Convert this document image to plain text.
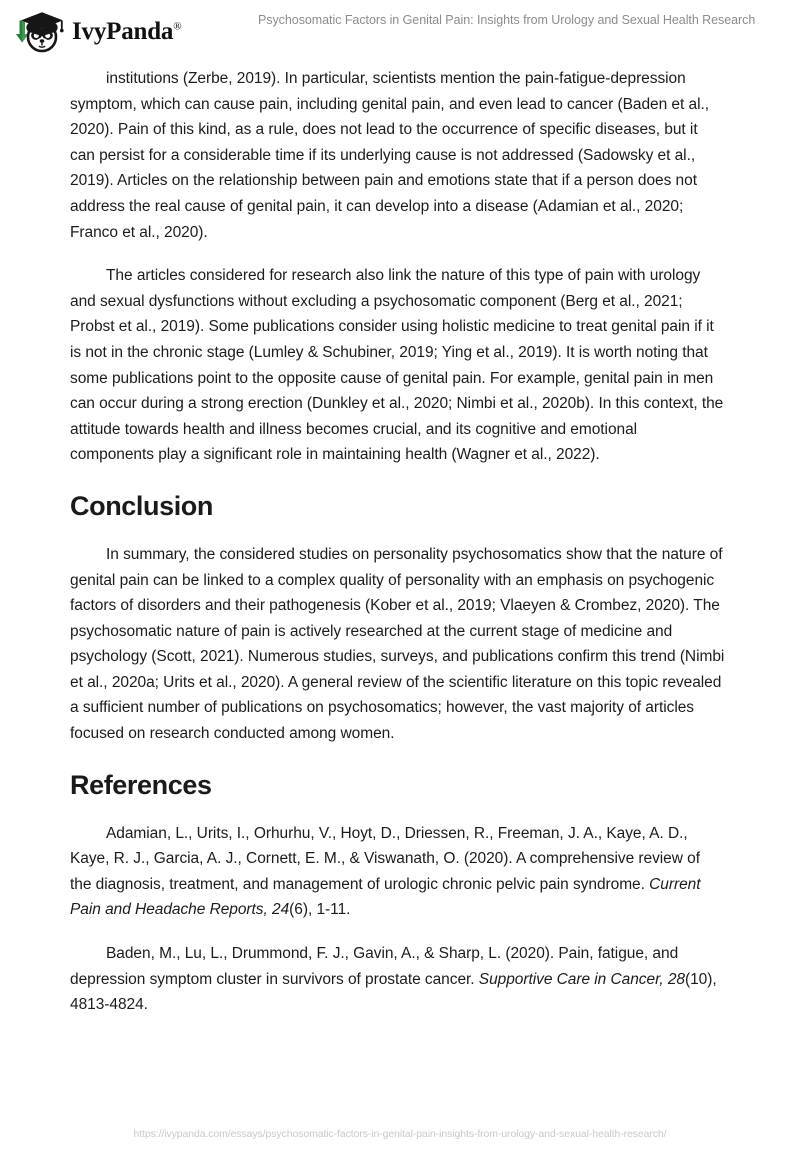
IvyPanda®	Psychosomatic Factors in Genital Pain: Insights from Urology and Sexual Health Research

institutions (Zerbe, 2019). In particular, scientists mention the pain-fatigue-depression symptom, which can cause pain, including genital pain, and even lead to cancer (Baden et al., 2020). Pain of this kind, as a rule, does not lead to the occurrence of specific diseases, but it can persist for a considerable time if its underlying cause is not addressed (Sadowsky et al., 2019). Articles on the relationship between pain and emotions state that if a person does not address the real cause of genital pain, it can develop into a disease (Adamian et al., 2020; Franco et al., 2020).

The articles considered for research also link the nature of this type of pain with urology and sexual dysfunctions without excluding a psychosomatic component (Berg et al., 2021; Probst et al., 2019). Some publications consider using holistic medicine to treat genital pain if it is not in the chronic stage (Lumley & Schubiner, 2019; Ying et al., 2019). It is worth noting that some publications point to the opposite cause of genital pain. For example, genital pain in men can occur during a strong erection (Dunkley et al., 2020; Nimbi et al., 2020b). In this context, the attitude towards health and illness becomes crucial, and its cognitive and emotional components play a significant role in maintaining health (Wagner et al., 2022).

Conclusion

In summary, the considered studies on personality psychosomatics show that the nature of genital pain can be linked to a complex quality of personality with an emphasis on psychogenic factors of disorders and their pathogenesis (Kober et al., 2019; Vlaeyen & Crombez, 2020). The psychosomatic nature of pain is actively researched at the current stage of medicine and psychology (Scott, 2021). Numerous studies, surveys, and publications confirm this trend (Nimbi et al., 2020a; Urits et al., 2020). A general review of the scientific literature on this topic revealed a sufficient number of publications on psychosomatics; however, the vast majority of articles focused on research conducted among women.

References

Adamian, L., Urits, I., Orhurhu, V., Hoyt, D., Driessen, R., Freeman, J. A., Kaye, A. D., Kaye, R. J., Garcia, A. J., Cornett, E. M., & Viswanath, O. (2020). A comprehensive review of the diagnosis, treatment, and management of urologic chronic pelvic pain syndrome. Current Pain and Headache Reports, 24(6), 1-11.

Baden, M., Lu, L., Drummond, F. J., Gavin, A., & Sharp, L. (2020). Pain, fatigue, and depression symptom cluster in survivors of prostate cancer. Supportive Care in Cancer, 28(10), 4813-4824.

https://ivypanda.com/essays/psychosomatic-factors-in-genital-pain-insights-from-urology-and-sexual-health-research/
